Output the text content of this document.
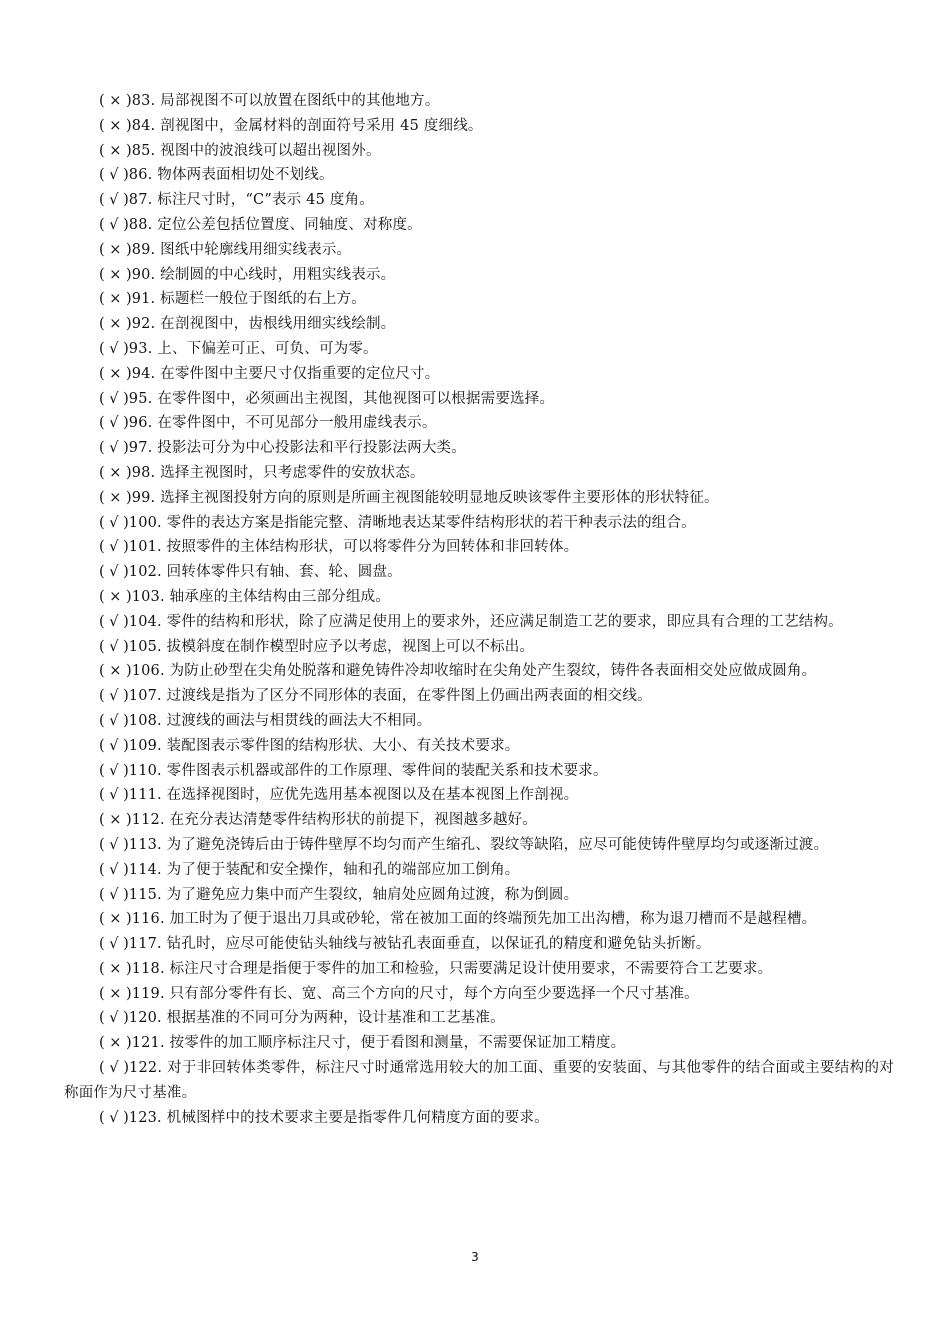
( × )83. 局部视图不可以放置在图纸中的其他地方。

( × )84. 剖视图中，金属材料的剖面符号采用 45 度细线。

( × )85. 视图中的波浪线可以超出视图外。

( √ )86. 物体两表面相切处不划线。

( √ )87. 标注尺寸时，“C”表示 45 度角。

( √ )88. 定位公差包括位置度、同轴度、对称度。

( × )89. 图纸中轮廓线用细实线表示。

( × )90. 绘制圆的中心线时，用粗实线表示。

( × )91. 标题栏一般位于图纸的右上方。

( × )92. 在剖视图中，齿根线用细实线绘制。

( √ )93. 上、下偏差可正、可负、可为零。

( × )94. 在零件图中主要尺寸仅指重要的定位尺寸。

( √ )95. 在零件图中，必须画出主视图，其他视图可以根据需要选择。

( √ )96. 在零件图中，不可见部分一般用虚线表示。

( √ )97. 投影法可分为中心投影法和平行投影法两大类。

( × )98. 选择主视图时，只考虑零件的安放状态。

( × )99. 选择主视图投射方向的原则是所画主视图能较明显地反映该零件主要形体的形状特征。

( √ )100. 零件的表达方案是指能完整、清晰地表达某零件结构形状的若干种表示法的组合。

( √ )101. 按照零件的主体结构形状，可以将零件分为回转体和非回转体。

( √ )102. 回转体零件只有轴、套、轮、圆盘。

( × )103. 轴承座的主体结构由三部分组成。

( √ )104. 零件的结构和形状，除了应满足使用上的要求外，还应满足制造工艺的要求，即应具有合理的工艺结构。

( √ )105. 拔模斜度在制作模型时应予以考虑，视图上可以不标出。

( × )106. 为防止砂型在尖角处脱落和避免铸件冷却收缩时在尖角处产生裂纹，铸件各表面相交处应做成圆角。

( √ )107. 过渡线是指为了区分不同形体的表面，在零件图上仍画出两表面的相交线。

( √ )108. 过渡线的画法与相贯线的画法大不相同。

( √ )109. 装配图表示零件图的结构形状、大小、有关技术要求。

( √ )110. 零件图表示机器或部件的工作原理、零件间的装配关系和技术要求。

( √ )111. 在选择视图时，应优先选用基本视图以及在基本视图上作剖视。

( × )112. 在充分表达清楚零件结构形状的前提下，视图越多越好。

( √ )113. 为了避免浇铸后由于铸件壁厚不均匀而产生缩孔、裂纹等缺陷，应尽可能使铸件壁厚均匀或逐渐过渡。

( √ )114. 为了便于装配和安全操作，轴和孔的端部应加工倒角。

( √ )115. 为了避免应力集中而产生裂纹，轴肩处应圆角过渡，称为倒圆。

( × )116. 加工时为了便于退出刀具或砂轮，常在被加工面的终端预先加工出沟槽，称为退刀槽而不是越程槽。

( √ )117. 钻孔时，应尽可能使钻头轴线与被钻孔表面垂直，以保证孔的精度和避免钻头折断。

( × )118. 标注尺寸合理是指便于零件的加工和检验，只需要满足设计使用要求，不需要符合工艺要求。

( × )119. 只有部分零件有长、宽、高三个方向的尺寸，每个方向至少要选择一个尺寸基准。

( √ )120. 根据基准的不同可分为两种，设计基准和工艺基准。

( × )121. 按零件的加工顺序标注尺寸，便于看图和测量，不需要保证加工精度。

( √ )122. 对于非回转体类零件，标注尺寸时通常选用较大的加工面、重要的安装面、与其他零件的结合面或主要结构的对称面作为尺寸基准。

( √ )123. 机械图样中的技术要求主要是指零件几何精度方面的要求。

3
